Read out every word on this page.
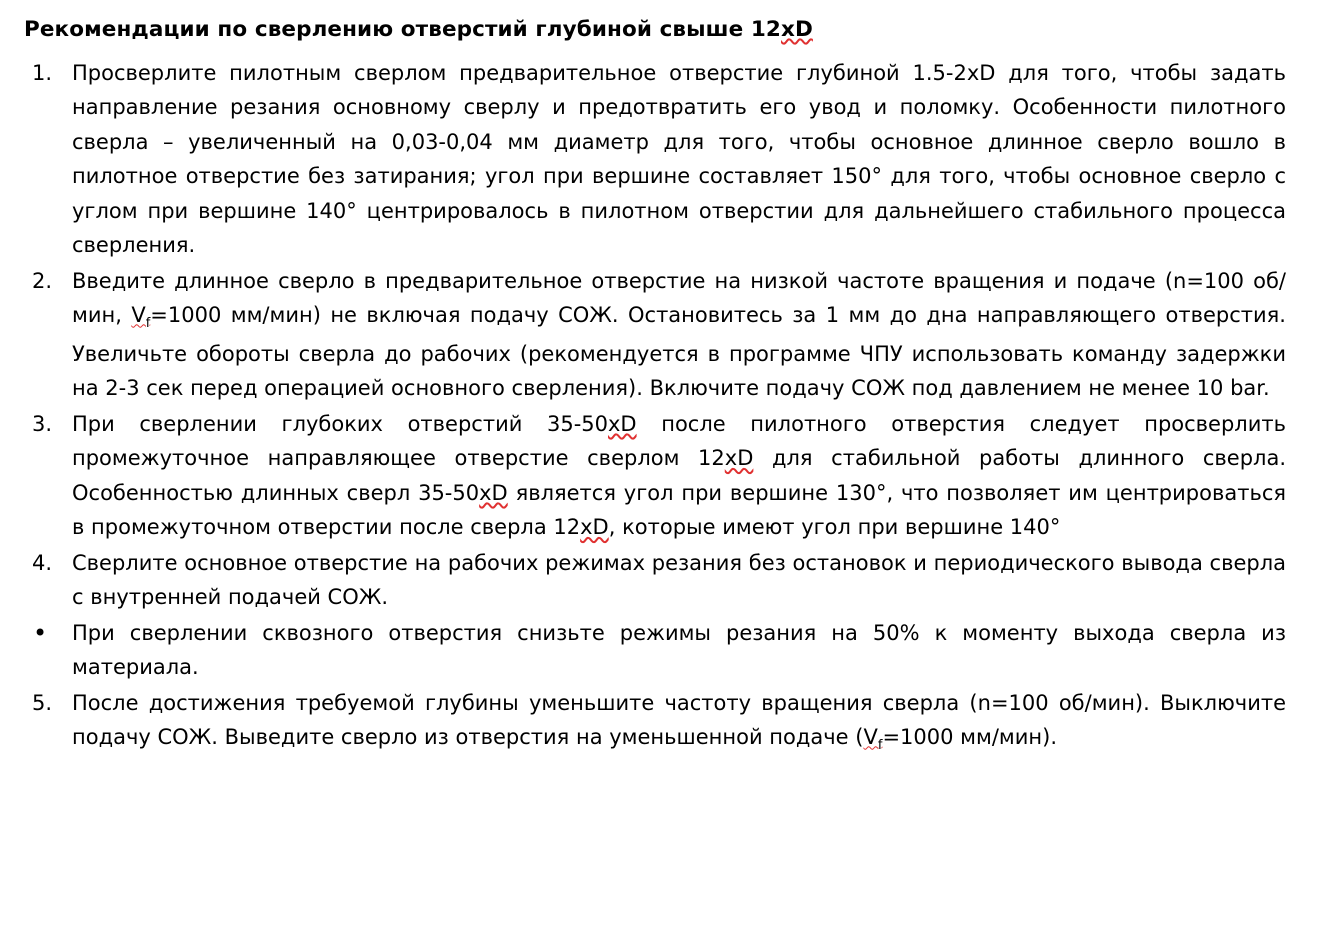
Рекомендации по сверлению отверстий глубиной свыше 12xD
1. Просверлите пилотным сверлом предварительное отверстие глубиной 1.5-2xD для того, чтобы задать направление резания основному сверлу и предотвратить его увод и поломку. Особенности пилотного сверла – увеличенный на 0,03-0,04 мм диаметр для того, чтобы основное длинное сверло вошло в пилотное отверстие без затирания; угол при вершине составляет 150° для того, чтобы основное сверло с углом при вершине 140° центрировалось в пилотном отверстии для дальнейшего стабильного процесса сверления.
2. Введите длинное сверло в предварительное отверстие на низкой частоте вращения и подаче (n=100 об/мин, $V_f=1000$ мм/мин) не включая подачу СОЖ. Остановитесь за 1 мм до дна направляющего отверстия. Увеличьте обороты сверла до рабочих (рекомендуется в программе ЧПУ использовать команду задержки на 2-3 сек перед операцией основного сверления). Включите подачу СОЖ под давлением не менее 10 bar.
3. При сверлении глубоких отверстий 35-50xD после пилотного отверстия следует просверлить промежуточное направляющее отверстие сверлом 12xD для стабильной работы длинного сверла. Особенностью длинных сверл 35-50xD является угол при вершине 130°, что позволяет им центрироваться в промежуточном отверстии после сверла 12xD, которые имеют угол при вершине 140°
4. Сверлите основное отверстие на рабочих режимах резания без остановок и периодического вывода сверла с внутренней подачей СОЖ.
•	При сверлении сквозного отверстия снизьте режимы резания на 50% к моменту выхода сверла из материала.
5. После достижения требуемой глубины уменьшите частоту вращения сверла (n=100 об/мин). Выключите подачу СОЖ. Выведите сверло из отверстия на уменьшенной подаче ($V_f=1000$ мм/мин).
